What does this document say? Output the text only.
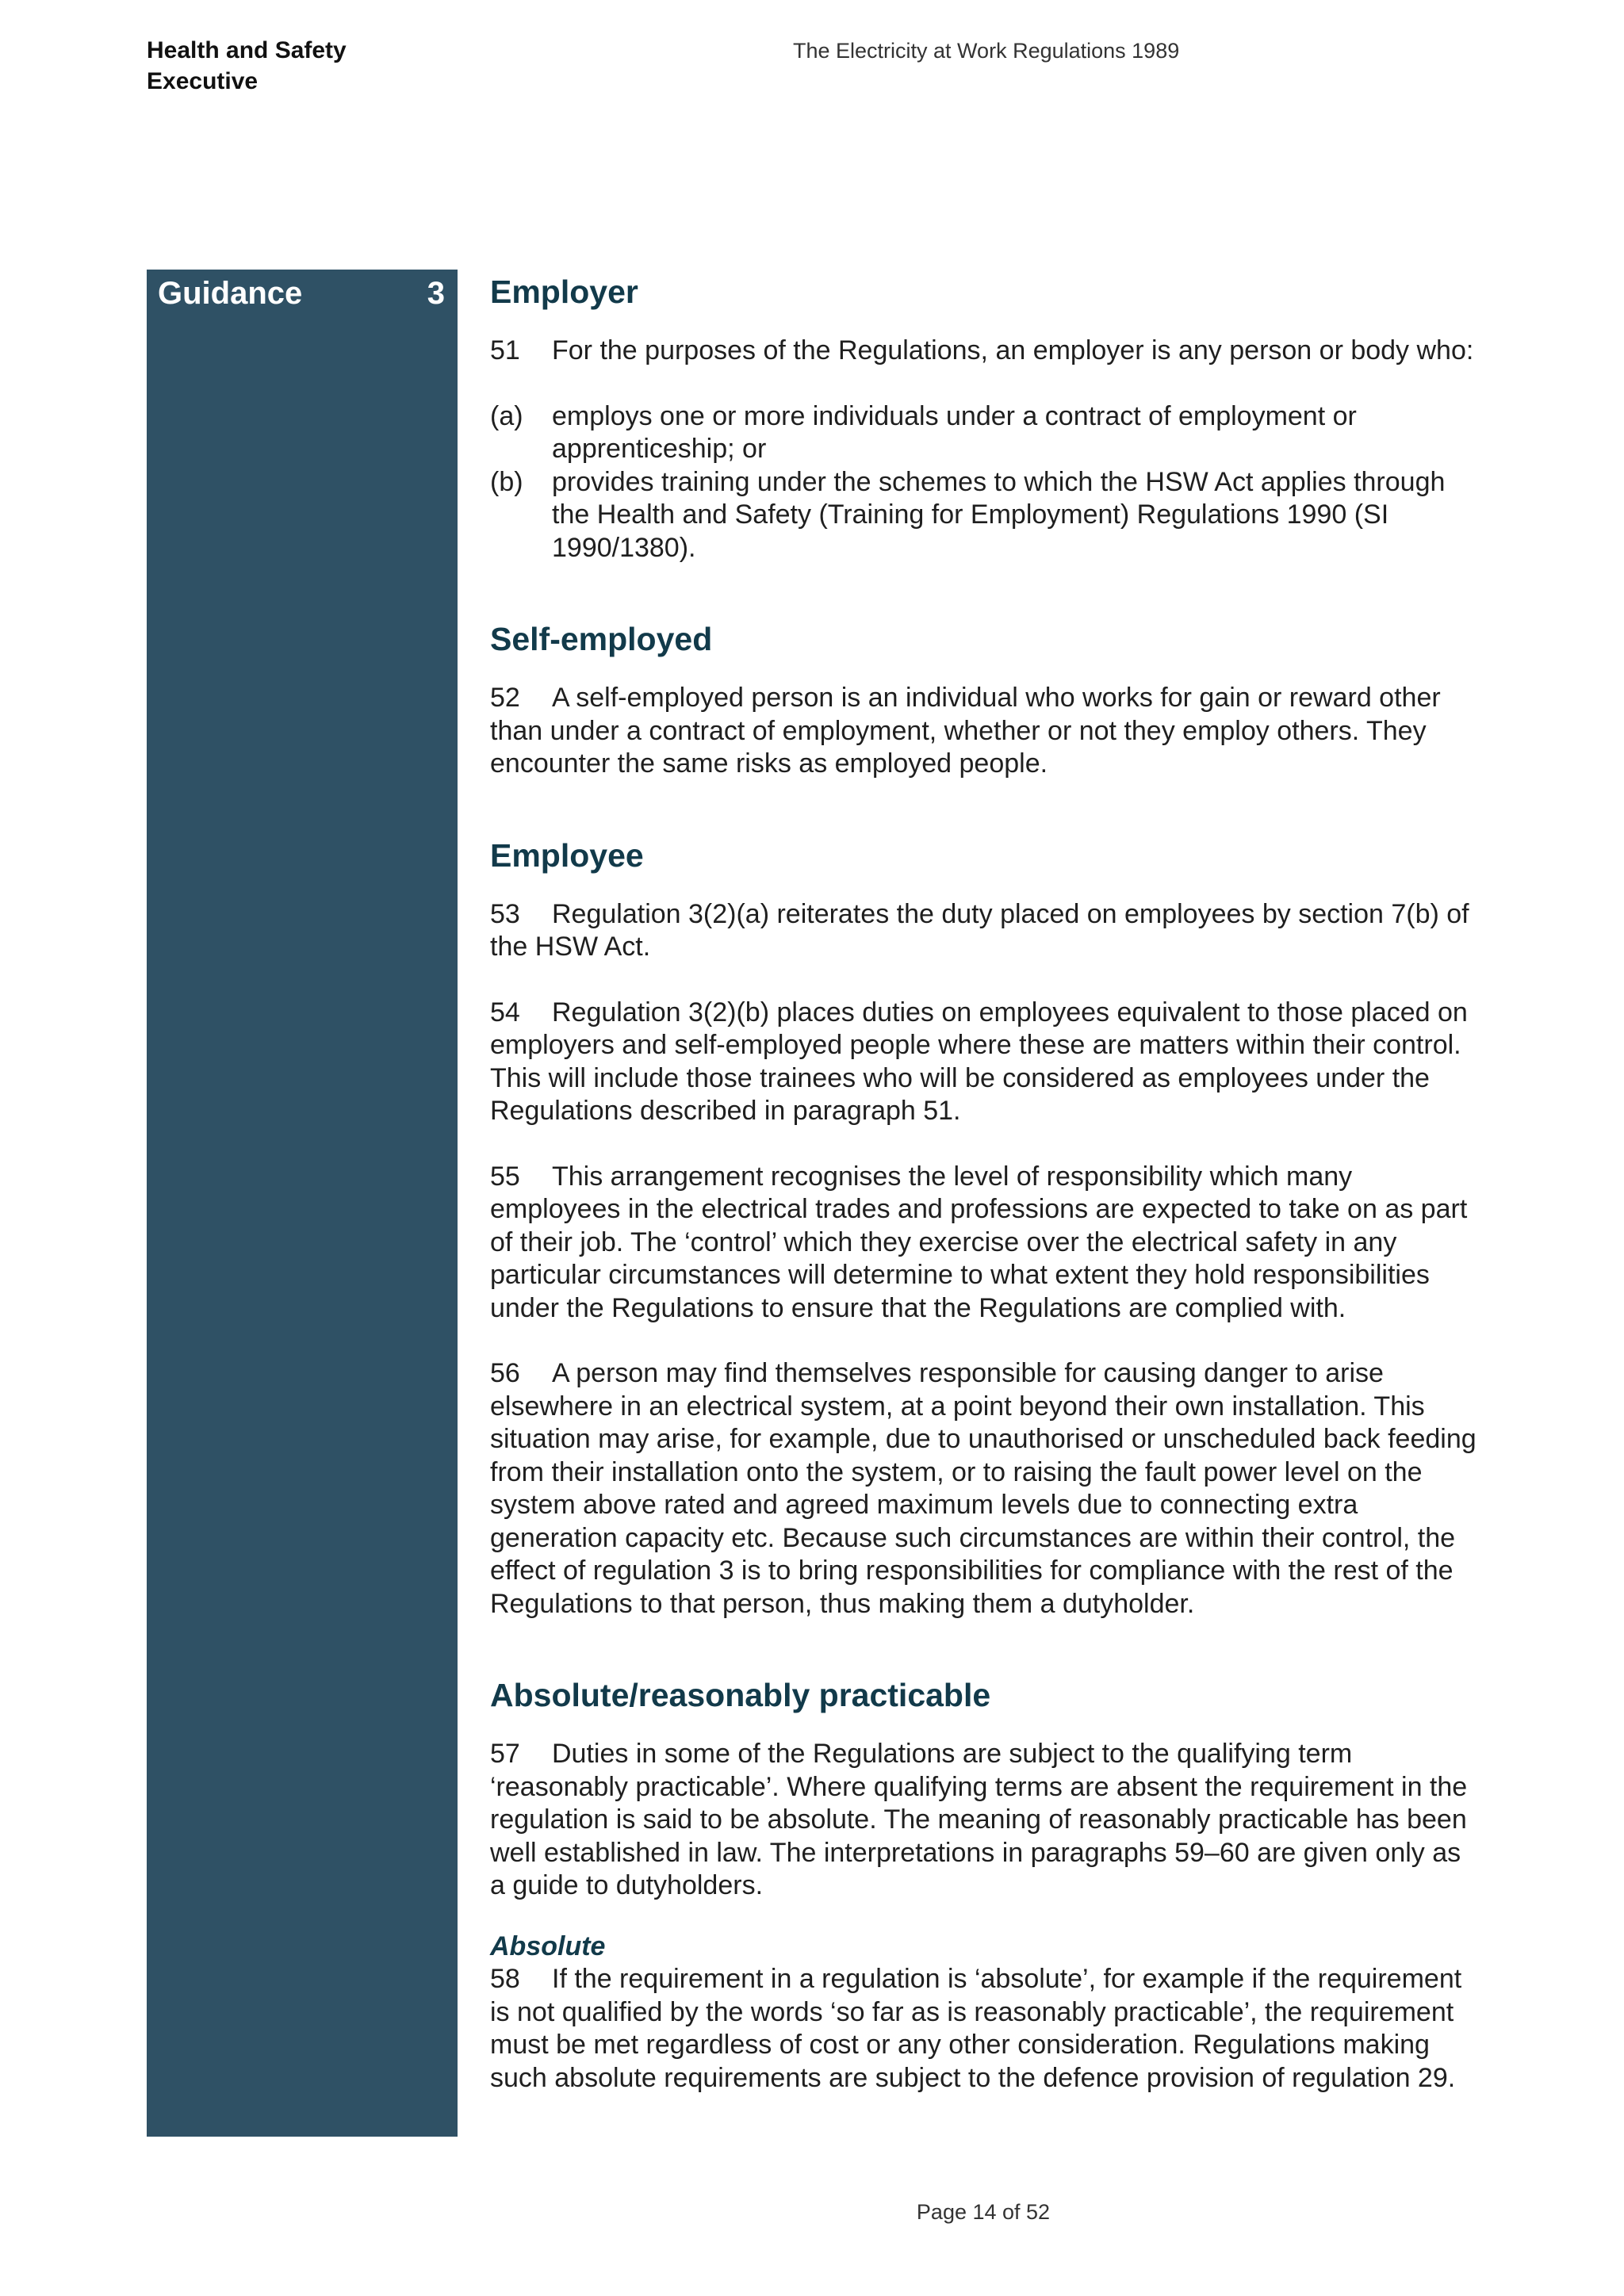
Health and Safety Executive
The Electricity at Work Regulations 1989
Guidance	3 Employer

51 For the purposes of the Regulations, an employer is any person or body who:

(a)	employs one or more individuals under a contract of employment or apprenticeship; or
(b)	provides training under the schemes to which the HSW Act applies through the Health and Safety (Training for Employment) Regulations 1990 (SI 1990/1380).
Self-employed

52 A self-employed person is an individual who works for gain or reward other than under a contract of employment, whether or not they employ others. They encounter the same risks as employed people.

Employee

53 Regulation 3(2)(a) reiterates the duty placed on employees by section 7(b) of the HSW Act.

54 Regulation 3(2)(b) places duties on employees equivalent to those placed on employers and self-employed people where these are matters within their control. This will include those trainees who will be considered as employees under the Regulations described in paragraph 51.

55 This arrangement recognises the level of responsibility which many employees in the electrical trades and professions are expected to take on as part of their job. The ‘control’ which they exercise over the electrical safety in any particular circumstances will determine to what extent they hold responsibilities under the Regulations to ensure that the Regulations are complied with.

56 A person may find themselves responsible for causing danger to arise elsewhere in an electrical system, at a point beyond their own installation. This situation may arise, for example, due to unauthorised or unscheduled back feeding from their installation onto the system, or to raising the fault power level on the system above rated and agreed maximum levels due to connecting extra generation capacity etc. Because such circumstances are within their control, the effect of regulation 3 is to bring responsibilities for compliance with the rest of the Regulations to that person, thus making them a dutyholder.

Absolute/reasonably practicable

57 Duties in some of the Regulations are subject to the qualifying term ‘reasonably practicable’. Where qualifying terms are absent the requirement in the regulation is said to be absolute. The meaning of reasonably practicable has been well established in law. The interpretations in paragraphs 59–60 are given only as a guide to dutyholders.

Absolute

58 If the requirement in a regulation is ‘absolute’, for example if the requirement is not qualified by the words ‘so far as is reasonably practicable’, the requirement must be met regardless of cost or any other consideration. Regulations making such absolute requirements are subject to the defence provision of regulation 29.

Page 14 of 52
